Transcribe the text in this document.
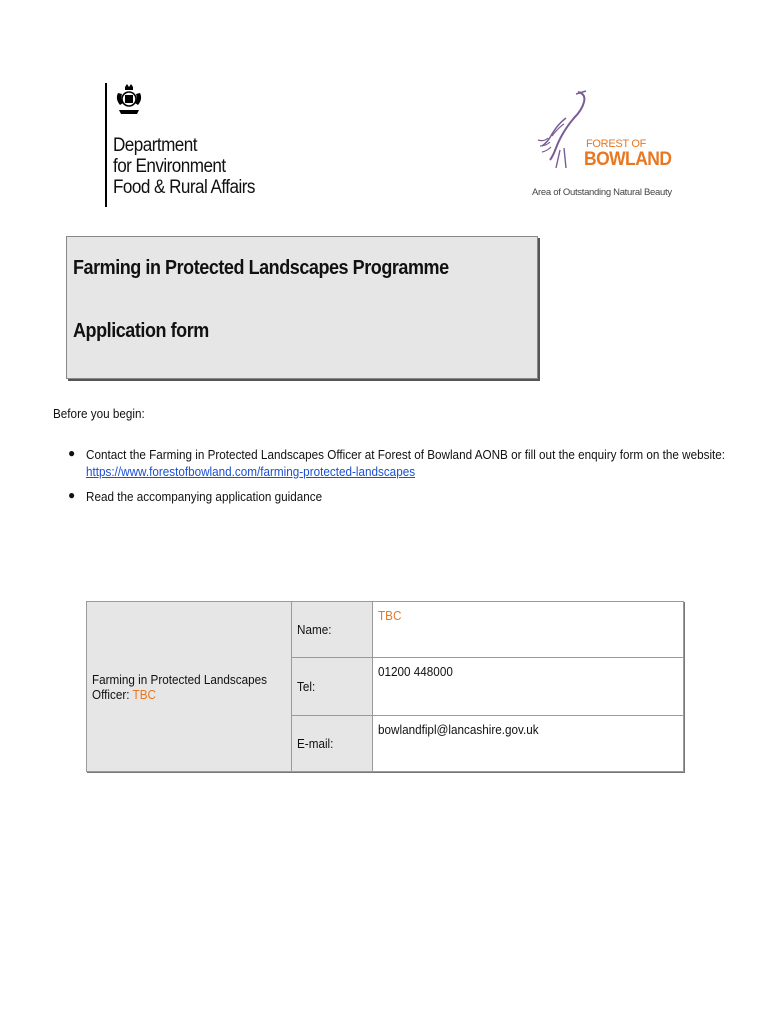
Department
for Environment
Food & Rural Affairs
FOREST OF
BOWLAND
Area of Outstanding Natural Beauty
Farming in Protected Landscapes Programme
Application form
Before you begin:
● Contact the Farming in Protected Landscapes Officer at Forest of Bowland AONB or fill out the enquiry form on the website:
https://www.forestofbowland.com/farming-protected-landscapes
● Read the accompanying application guidance
Farming in Protected Landscapes
Officer: TBC	Name:	TBC
	Tel:	01200 448000
	E-mail:	bowlandfipl@lancashire.gov.uk
